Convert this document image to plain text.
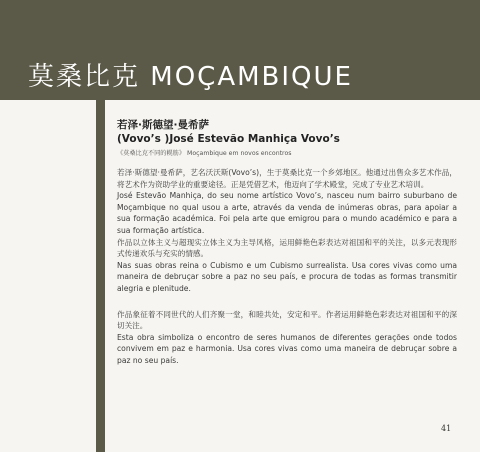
莫桑比克 MOÇAMBIQUE
若泽·斯德望·曼希萨
(Vovo’s )José Estevão Manhiça Vovo’s
《莫桑比克不同的幌筋》 Moçambique em novos encontros

若泽·斯德望·曼希萨，艺名沃沃斯(Vovo’s)，生于莫桑比克一个乡郊地区。他通过出售众多艺术作品，将艺术作为资助学业的重要途径。正是凭借艺术，他迈向了学术殿堂，完成了专业艺术培训。

José Estevão Manhiça, do seu nome artístico Vovo’s, nasceu num bairro suburbano de Moçambique no qual usou a arte, através da venda de inúmeras obras, para apoiar a sua formação académica. Foi pela arte que emigrou para o mundo académico e para a sua formação artística.

作品以立体主义与超现实立体主义为主导风格，运用鲜艳色彩表达对祖国和平的关注，以多元表现形式传递欢乐与充实的情感。

Nas suas obras reina o Cubismo e um Cubismo surrealista. Usa cores vivas como uma maneira de debruçar sobre a paz no seu país, e procura de todas as formas transmitir alegria e plenitude.

作品象征着不同世代的人们齐聚一堂，和睦共处，安定和平。作者运用鲜艳色彩表达对祖国和平的深切关注。

Esta obra simboliza o encontro de seres humanos de diferentes gerações onde todos convivem em paz e harmonia. Usa cores vivas como uma maneira de debruçar sobre a paz no seu país.

41
